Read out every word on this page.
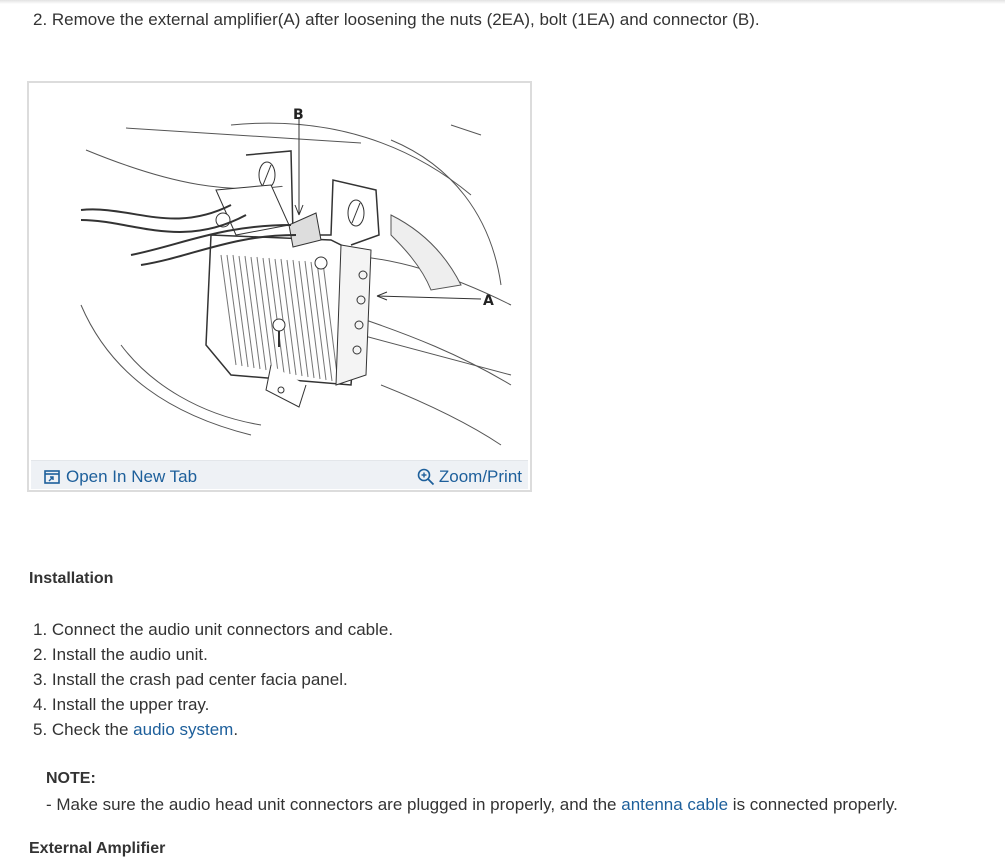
2. Remove the external amplifier(A) after loosening the nuts (2EA), bolt (1EA) and connector (B).
B
A
Open In New Tab	Zoom/Print
Installation
1. Connect the audio unit connectors and cable.
2. Install the audio unit.
3. Install the crash pad center facia panel.
4. Install the upper tray.
5. Check the audio system.
NOTE:
- Make sure the audio head unit connectors are plugged in properly, and the antenna cable is connected properly.
External Amplifier
